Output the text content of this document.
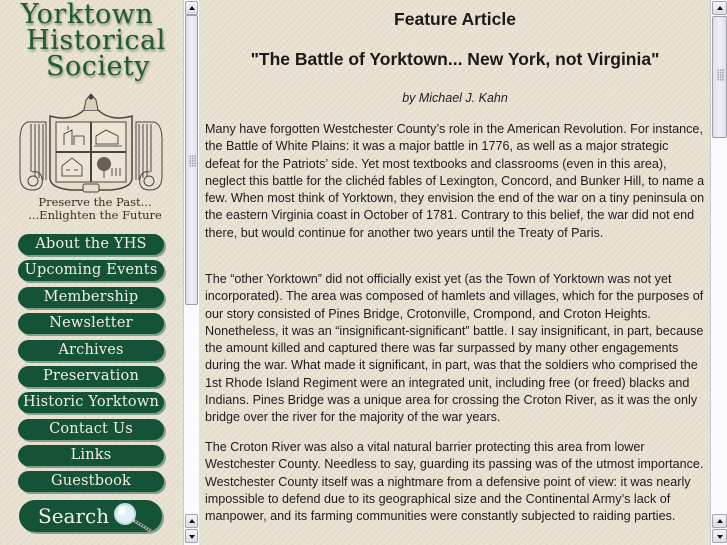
Yorktown
Historical
Society
Preserve the Past...
...Enlighten the Future
About the YHS
Upcoming Events
Membership
Newsletter
Archives
Preservation
Historic Yorktown
Contact Us
Links
Guestbook
Search
Feature Article
"The Battle of Yorktown... New York, not Virginia"
by Michael J. Kahn

Many have forgotten Westchester County’s role in the American Revolution. For instance, the Battle of White Plains: it was a major battle in 1776, as well as a major strategic defeat for the Patriots’ side. Yet most textbooks and classrooms (even in this area), neglect this battle for the clichéd fables of Lexington, Concord, and Bunker Hill, to name a few. When most think of Yorktown, they envision the end of the war on a tiny peninsula on the eastern Virginia coast in October of 1781. Contrary to this belief, the war did not end there, but would continue for another two years until the Treaty of Paris.

The “other Yorktown” did not officially exist yet (as the Town of Yorktown was not yet incorporated). The area was composed of hamlets and villages, which for the purposes of our story consisted of Pines Bridge, Crotonville, Crompond, and Croton Heights. Nonetheless, it was an “insignificant-significant” battle. I say insignificant, in part, because the amount killed and captured there was far surpassed by many other engagements during the war. What made it significant, in part, was that the soldiers who comprised the 1st Rhode Island Regiment were an integrated unit, including free (or freed) blacks and Indians. Pines Bridge was a unique area for crossing the Croton River, as it was the only bridge over the river for the majority of the war years.

The Croton River was also a vital natural barrier protecting this area from lower Westchester County. Needless to say, guarding its passing was of the utmost importance. Westchester County itself was a nightmare from a defensive point of view: it was nearly impossible to defend due to its geographical size and the Continental Army’s lack of manpower, and its farming communities were constantly subjected to raiding parties.
